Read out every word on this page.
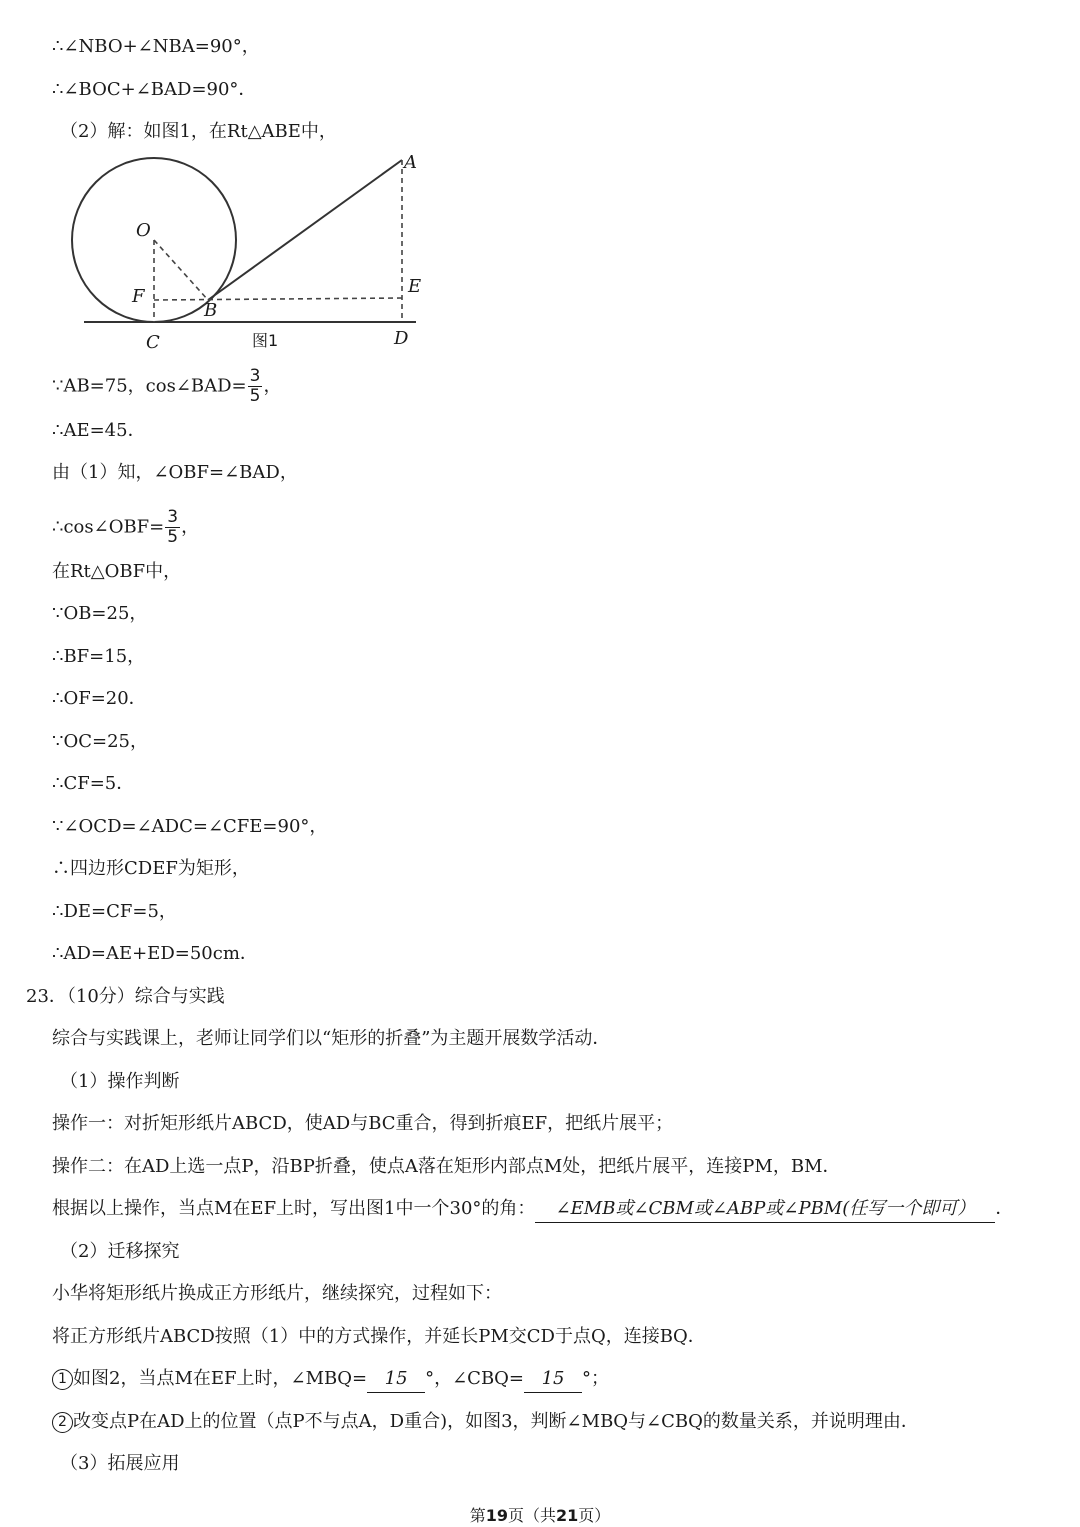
∴∠NBO+∠NBA=90°，
∴∠BOC+∠BAD=90°．
（2）解：如图1，在Rt△ABE中，
A
O
F
B
E
C	D
图1
∵AB=75，cos∠BAD= $\frac{3}{5}$ ，
∴AE=45．
由（1）知，∠OBF=∠BAD，
∴cos∠OBF= $\frac{3}{5}$ ，
在Rt△OBF中，
∵OB=25，
∴BF=15，
∴OF=20．
∵OC=25，
∴CF=5．
∵∠OCD=∠ADC=∠CFE=90°，
∴四边形CDEF为矩形，
∴DE=CF=5，
∴AD=AE+ED=50cm．
23．（10分）综合与实践
综合与实践课上，老师让同学们以“矩形的折叠”为主题开展数学活动．
（1）操作判断
操作一：对折矩形纸片ABCD，使AD与BC重合，得到折痕EF，把纸片展平；
操作二：在AD上选一点P，沿BP折叠，使点A落在矩形内部点M处，把纸片展平，连接PM，BM．
根据以上操作，当点M在EF上时，写出图1中一个30°的角： ∠EMB或∠CBM或∠ABP或∠PBM(任写一个即可） ．
（2）迁移探究
小华将矩形纸片换成正方形纸片，继续探究，过程如下：
将正方形纸片ABCD按照（1）中的方式操作，并延长PM交CD于点Q，连接BQ．
1 如图2，当点M在EF上时，∠MBQ= 15 °，∠CBQ= 15 °；
2 改变点P在AD上的位置（点P不与点A，D重合)，如图3，判断∠MBQ与∠CBQ的数量关系，并说明理由．
（3）拓展应用
第19页（共21页）
